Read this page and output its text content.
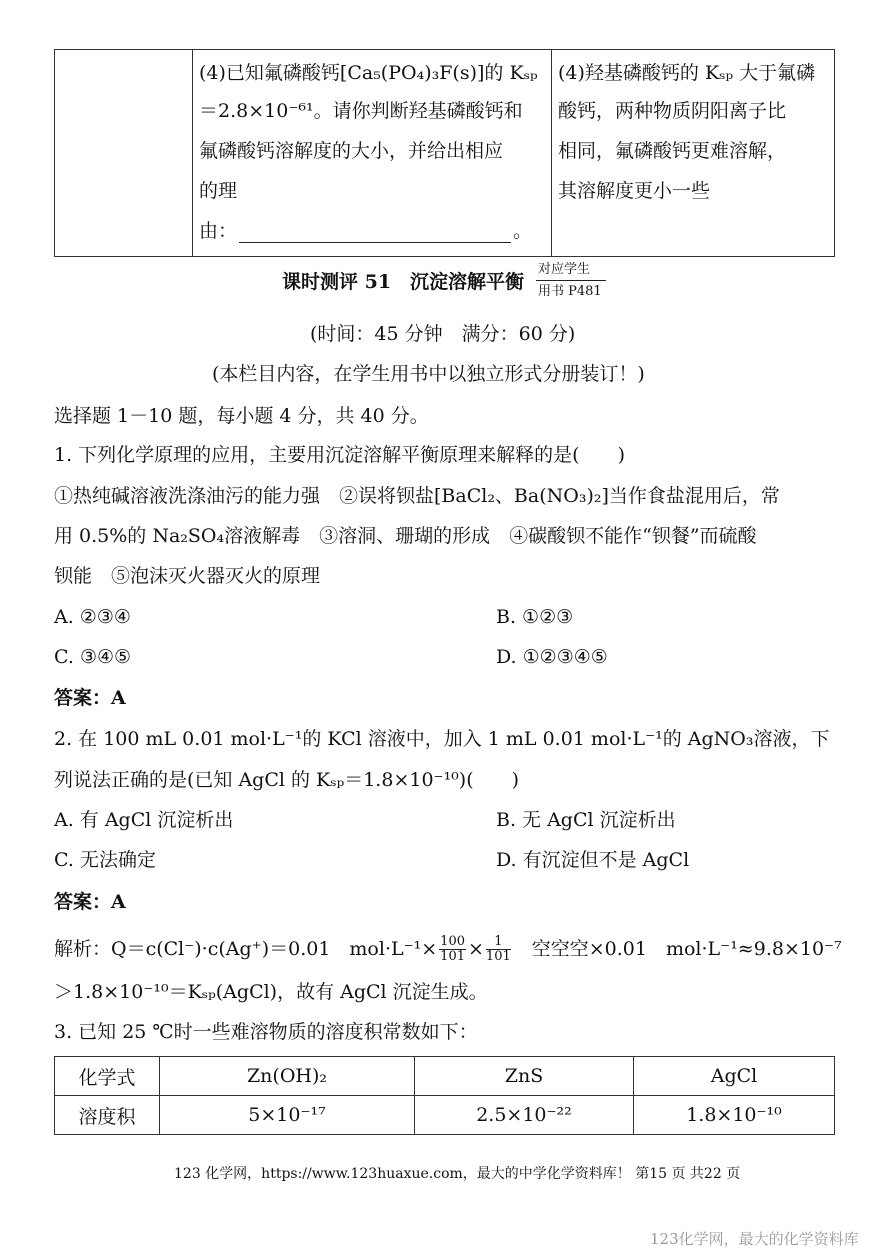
(4)已知氟磷酸钙[Ca₅(PO₄)₃F(s)]的 Kₛₚ
＝2.8×10⁻⁶¹。请你判断羟基磷酸钙和
氟磷酸钙溶解度的大小，并给出相应
的理
由：	。

(4)羟基磷酸钙的 Kₛₚ 大于氟磷
酸钙，两种物质阴阳离子比
相同，氟磷酸钙更难溶解，
其溶解度更小一些
课时测评 51　沉淀溶解平衡
对应学生
用书 P481
(时间：45 分钟　满分：60 分)
(本栏目内容，在学生用书中以独立形式分册装订！)
选择题 1－10 题，每小题 4 分，共 40 分。
1. 下列化学原理的应用，主要用沉淀溶解平衡原理来解释的是(　　)
①热纯碱溶液洗涤油污的能力强　②误将钡盐[BaCl₂、Ba(NO₃)₂]当作食盐混用后，常
用 0.5%的 Na₂SO₄溶液解毒　③溶洞、珊瑚的形成　④碳酸钡不能作“钡餐”而硫酸
钡能　⑤泡沫灭火器灭火的原理
A. ②③④	B. ①②③
C. ③④⑤	D. ①②③④⑤
答案：A
2. 在 100 mL 0.01 mol·L⁻¹的 KCl 溶液中，加入 1 mL 0.01 mol·L⁻¹的 AgNO₃溶液，下
列说法正确的是(已知 AgCl 的 Kₛₚ＝1.8×10⁻¹⁰)(　　)
A. 有 AgCl 沉淀析出	B. 无 AgCl 沉淀析出
C. 无法确定	D. 有沉淀但不是 AgCl
答案：A
解析：Q＝c(Cl⁻)·c(Ag⁺)＝0.01　$mol\cdot L^{-1}\times \frac{100}{101} \times \frac{1}{101}$ 　空空空×0.01　mol·L⁻¹≈9.8×10⁻⁷
＞1.8×10⁻¹⁰＝Kₛₚ(AgCl)，故有 AgCl 沉淀生成。
3. 已知 25 ℃时一些难溶物质的溶度积常数如下：
化学式	Zn(OH)₂	ZnS	AgCl
溶度积	5×10⁻¹⁷	2.5×10⁻²²	1.8×10⁻¹⁰
123 化学网，https://www.123huaxue.com，最大的中学化学资料库！ 第15 页 共22 页
123化学网，最大的化学资料库
